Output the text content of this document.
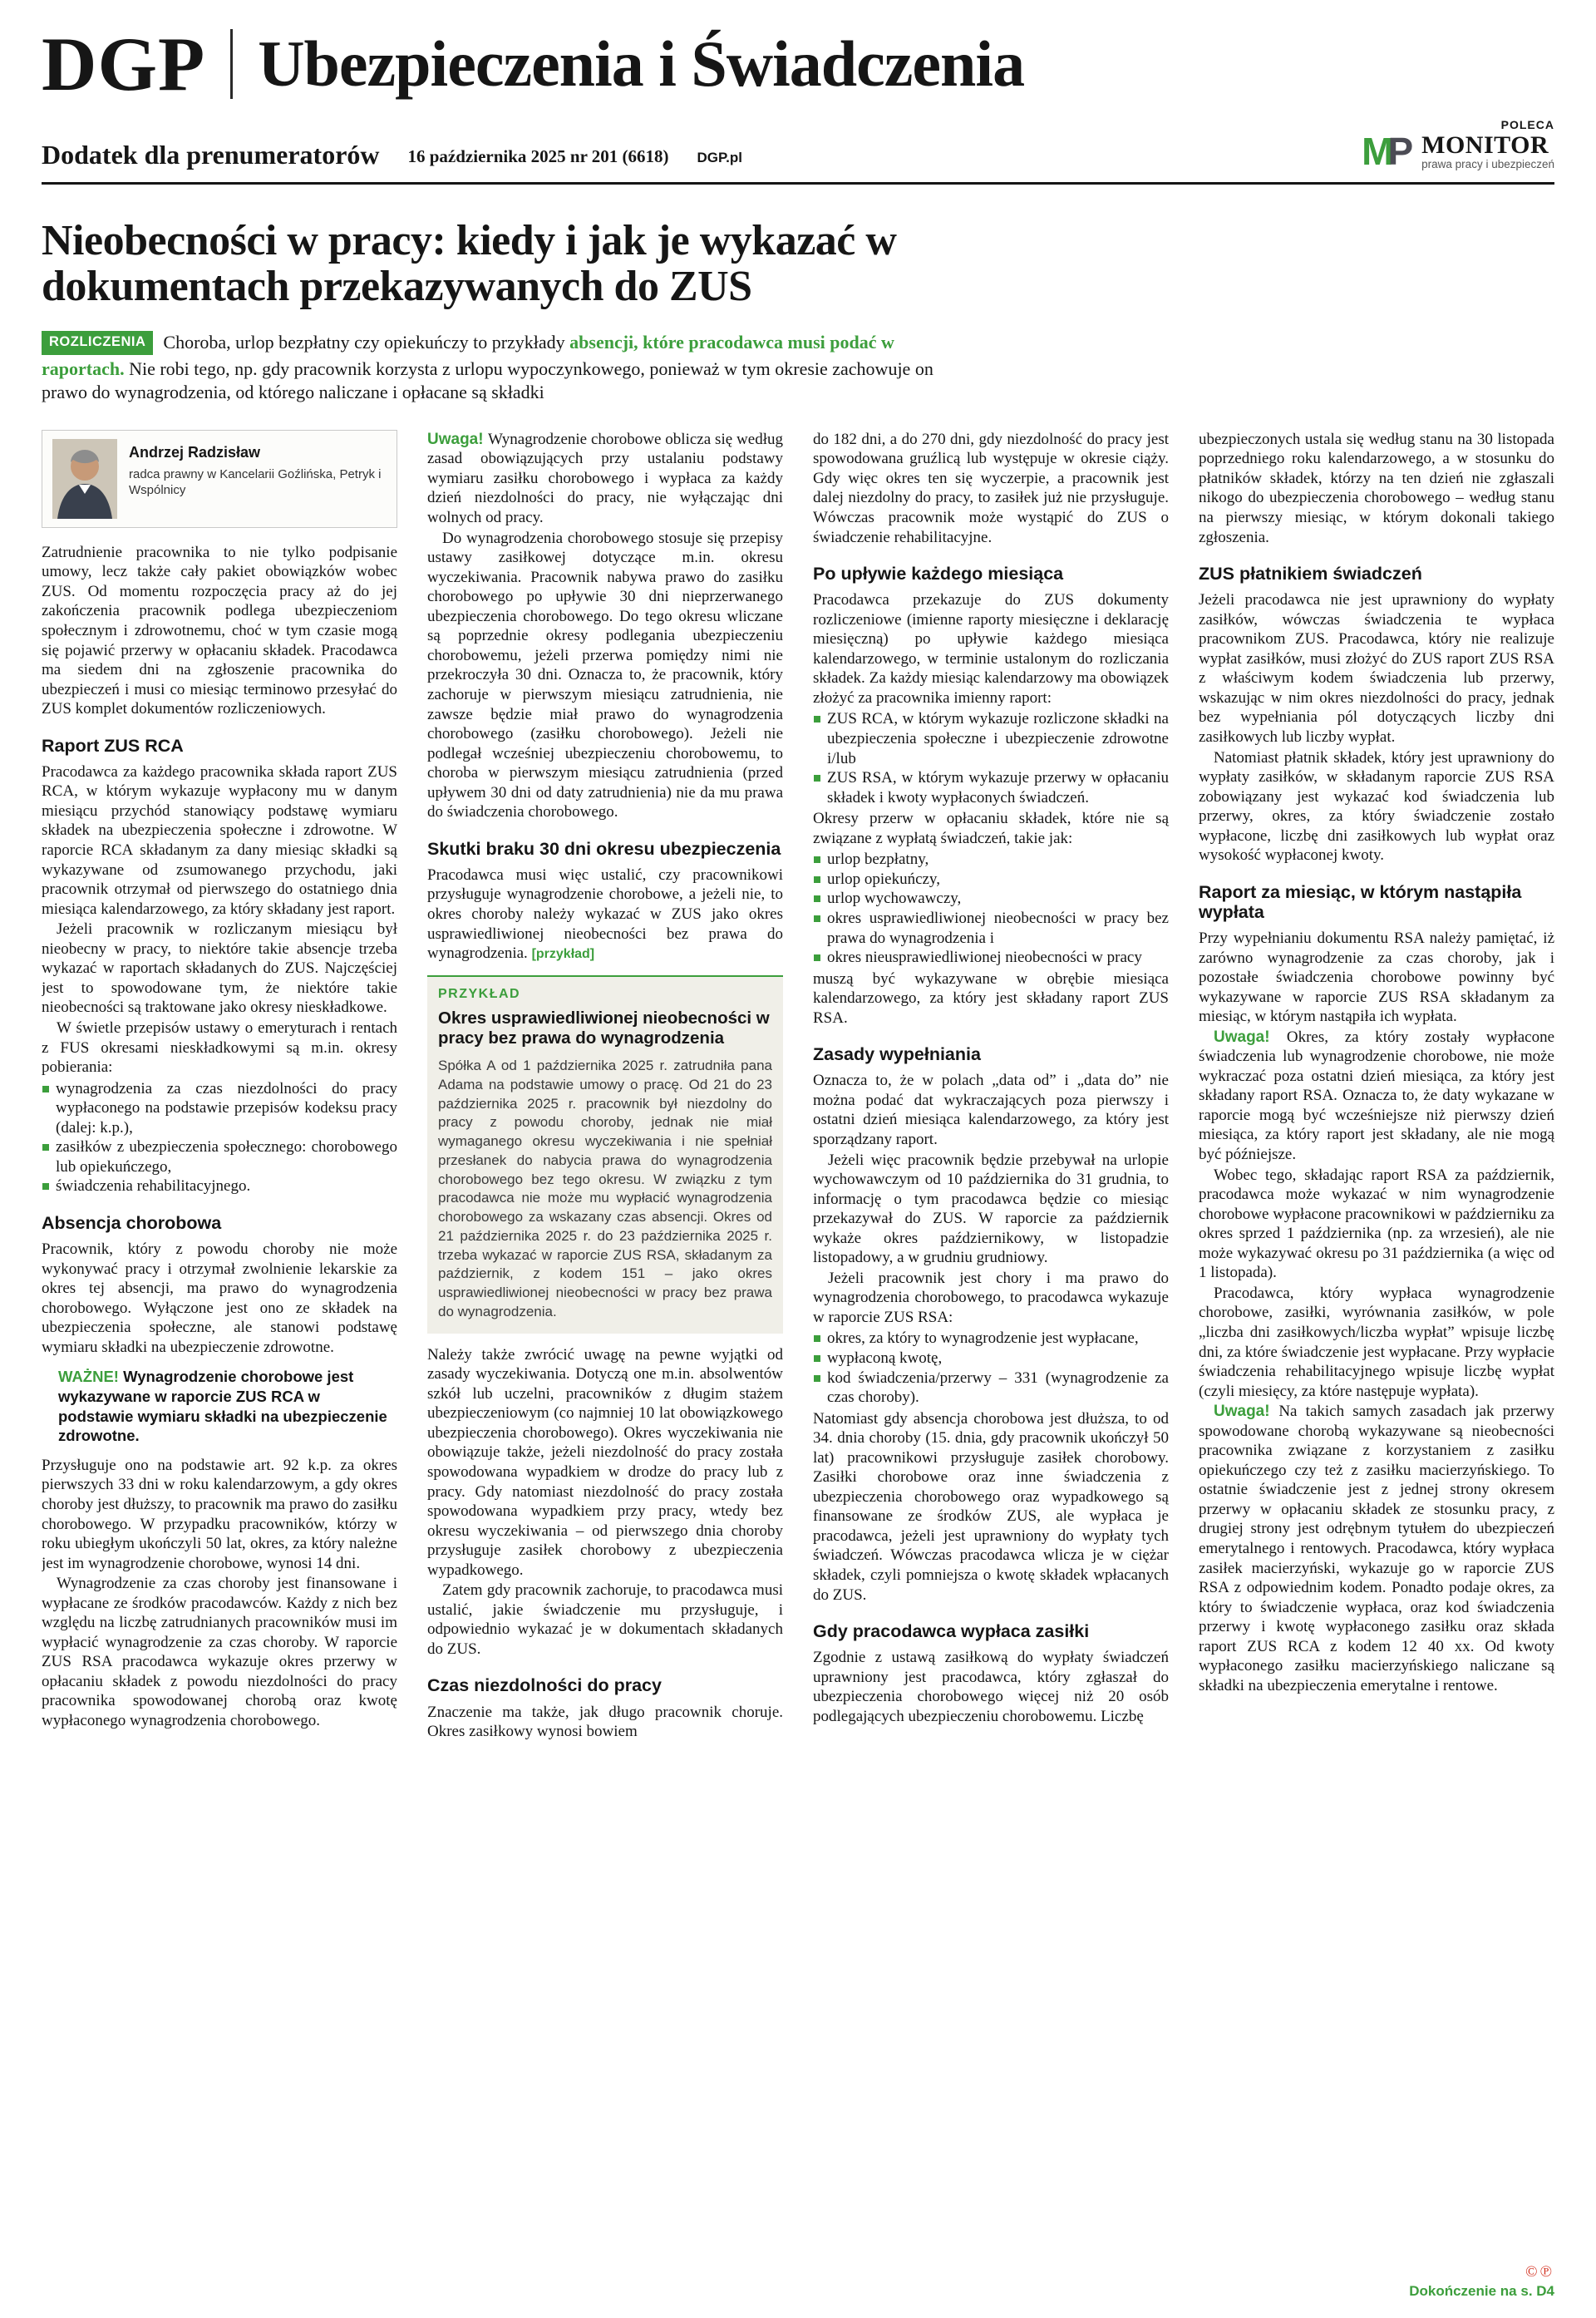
DGP Ubezpieczenia i Świadczenia
Dodatek dla prenumeratorów 16 października 2025 nr 201 (6618) DGP.pl
POLECA
M
P MONITOR
prawa pracy i ubezpieczeń
Nieobecności w pracy: kiedy i jak je wykazać w dokumentach przekazywanych do ZUS

ROZLICZENIA Choroba, urlop bezpłatny czy opiekuńczy to przykłady absencji, które pracodawca musi podać w raportach. Nie robi tego, np. gdy pracownik korzysta z urlopu wypoczynkowego, ponieważ w tym okresie zachowuje on prawo do wynagrodzenia, od którego naliczane i opłacane są składki

Andrzej Radzisław
radca prawny w Kancelarii Goźlińska, Petryk i Wspólnicy

Zatrudnienie pracownika to nie tylko podpisanie umowy, lecz także cały pakiet obowiązków wobec ZUS. Od momentu rozpoczęcia pracy aż do jej zakończenia pracownik podlega ubezpieczeniom społecznym i zdrowotnemu, choć w tym czasie mogą się pojawić przerwy w opłacaniu składek. Pracodawca ma siedem dni na zgłoszenie pracownika do ubezpieczeń i musi co miesiąc terminowo przesyłać do ZUS komplet dokumentów rozliczeniowych.

Raport ZUS RCA

Pracodawca za każdego pracownika składa raport ZUS RCA, w którym wykazuje wypłacony mu w danym miesiącu przychód stanowiący podstawę wymiaru składek na ubezpieczenia społeczne i zdrowotne. W raporcie RCA składanym za dany miesiąc składki są wykazywane od zsumowanego przychodu, jaki pracownik otrzymał od pierwszego do ostatniego dnia miesiąca kalendarzowego, za który składany jest raport.

Jeżeli pracownik w rozliczanym miesiącu był nieobecny w pracy, to niektóre takie absencje trzeba wykazać w raportach składanych do ZUS. Najczęściej jest to spowodowane tym, że niektóre takie nieobecności są traktowane jako okresy nieskładkowe.

W świetle przepisów ustawy o emeryturach i rentach z FUS okresami nieskładkowymi są m.in. okresy pobierania:

wynagrodzenia za czas niezdolności do pracy wypłaconego na podstawie przepisów kodeksu pracy (dalej: k.p.),
zasiłków z ubezpieczenia społecznego: chorobowego lub opiekuńczego,
świadczenia rehabilitacyjnego.
Absencja chorobowa

Pracownik, który z powodu choroby nie może wykonywać pracy i otrzymał zwolnienie lekarskie za okres tej absencji, ma prawo do wynagrodzenia chorobowego. Wyłączone jest ono ze składek na ubezpieczenia społeczne, ale stanowi podstawę wymiaru składki na ubezpieczenie zdrowotne.

WAŻNE! Wynagrodzenie chorobowe jest wykazywane w raporcie ZUS RCA w podstawie wymiaru składki na ubezpieczenie zdrowotne.

Przysługuje ono na podstawie art. 92 k.p. za okres pierwszych 33 dni w roku kalendarzowym, a gdy okres choroby jest dłuższy, to pracownik ma prawo do zasiłku chorobowego. W przypadku pracowników, którzy w roku ubiegłym ukończyli 50 lat, okres, za który należne jest im wynagrodzenie chorobowe, wynosi 14 dni.

Wynagrodzenie za czas choroby jest finansowane i wypłacane ze środków pracodawców. Każdy z nich bez względu na liczbę zatrudnianych pracowników musi im wypłacić wynagrodzenie za czas choroby. W raporcie ZUS RSA pracodawca wykazuje okres przerwy w opłacaniu składek z powodu niezdolności do pracy pracownika spowodowanej chorobą oraz kwotę wypłaconego wynagrodzenia chorobowego.

Uwaga! Wynagrodzenie chorobowe oblicza się według zasad obowiązujących przy ustalaniu podstawy wymiaru zasiłku chorobowego i wypłaca za każdy dzień niezdolności do pracy, nie wyłączając dni wolnych od pracy.

Do wynagrodzenia chorobowego stosuje się przepisy ustawy zasiłkowej dotyczące m.in. okresu wyczekiwania. Pracownik nabywa prawo do zasiłku chorobowego po upływie 30 dni nieprzerwanego ubezpieczenia chorobowego. Do tego okresu wliczane są poprzednie okresy podlegania ubezpieczeniu chorobowemu, jeżeli przerwa pomiędzy nimi nie przekroczyła 30 dni. Oznacza to, że pracownik, który zachoruje w pierwszym miesiącu zatrudnienia, nie zawsze będzie miał prawo do wynagrodzenia chorobowego (zasiłku chorobowego). Jeżeli nie podlegał wcześniej ubezpieczeniu chorobowemu, to choroba w pierwszym miesiącu zatrudnienia (przed upływem 30 dni od daty zatrudnienia) nie da mu prawa do świadczenia chorobowego.

Skutki braku 30 dni okresu ubezpieczenia

Pracodawca musi więc ustalić, czy pracownikowi przysługuje wynagrodzenie chorobowe, a jeżeli nie, to okres choroby należy wykazać w ZUS jako okres usprawiedliwionej nieobecności bez prawa do wynagrodzenia. [przykład]

PRZYKŁAD
Okres usprawiedliwionej nieobecności w pracy bez prawa do wynagrodzenia

Spółka A od 1 października 2025 r. zatrudniła pana Adama na podstawie umowy o pracę. Od 21 do 23 października 2025 r. pracownik był niezdolny do pracy z powodu choroby, jednak nie miał wymaganego okresu wyczekiwania i nie spełniał przesłanek do nabycia prawa do wynagrodzenia chorobowego bez tego okresu. W związku z tym pracodawca nie może mu wypłacić wynagrodzenia chorobowego za wskazany czas absencji. Okres od 21 października 2025 r. do 23 października 2025 r. trzeba wykazać w raporcie ZUS RSA, składanym za październik, z kodem 151 – jako okres usprawiedliwionej nieobecności w pracy bez prawa do wynagrodzenia.

Należy także zwrócić uwagę na pewne wyjątki od zasady wyczekiwania. Dotyczą one m.in. absolwentów szkół lub uczelni, pracowników z długim stażem ubezpieczeniowym (co najmniej 10 lat obowiązkowego ubezpieczenia chorobowego). Okres wyczekiwania nie obowiązuje także, jeżeli niezdolność do pracy została spowodowana wypadkiem w drodze do pracy lub z pracy. Gdy natomiast niezdolność do pracy została spowodowana wypadkiem przy pracy, wtedy bez okresu wyczekiwania – od pierwszego dnia choroby przysługuje zasiłek chorobowy z ubezpieczenia wypadkowego.

Zatem gdy pracownik zachoruje, to pracodawca musi ustalić, jakie świadczenie mu przysługuje, i odpowiednio wykazać je w dokumentach składanych do ZUS.

Czas niezdolności do pracy

Znaczenie ma także, jak długo pracownik choruje. Okres zasiłkowy wynosi bowiem

do 182 dni, a do 270 dni, gdy niezdolność do pracy jest spowodowana gruźlicą lub występuje w okresie ciąży. Gdy więc okres ten się wyczerpie, a pracownik jest dalej niezdolny do pracy, to zasiłek już nie przysługuje. Wówczas pracownik może wystąpić do ZUS o świadczenie rehabilitacyjne.

Po upływie każdego miesiąca

Pracodawca przekazuje do ZUS dokumenty rozliczeniowe (imienne raporty miesięczne i deklarację miesięczną) po upływie każdego miesiąca kalendarzowego, w terminie ustalonym do rozliczania składek. Za każdy miesiąc kalendarzowy ma obowiązek złożyć za pracownika imienny raport:

ZUS RCA, w którym wykazuje rozliczone składki na ubezpieczenia społeczne i ubezpieczenie zdrowotne i/lub
ZUS RSA, w którym wykazuje przerwy w opłacaniu składek i kwoty wypłaconych świadczeń.

Okresy przerw w opłacaniu składek, które nie są związane z wypłatą świadczeń, takie jak:

urlop bezpłatny,
urlop opiekuńczy,
urlop wychowawczy,
okres usprawiedliwionej nieobecności w pracy bez prawa do wynagrodzenia i
okres nieusprawiedliwionej nieobecności w pracy

muszą być wykazywane w obrębie miesiąca kalendarzowego, za który jest składany raport ZUS RSA.

Zasady wypełniania

Oznacza to, że w polach „data od” i „data do” nie można podać dat wykraczających poza pierwszy i ostatni dzień miesiąca kalendarzowego, za który jest sporządzany raport.

Jeżeli więc pracownik będzie przebywał na urlopie wychowawczym od 10 października do 31 grudnia, to informację o tym pracodawca będzie co miesiąc przekazywał do ZUS. W raporcie za październik wykaże okres październikowy, w listopadzie listopadowy, a w grudniu grudniowy.

Jeżeli pracownik jest chory i ma prawo do wynagrodzenia chorobowego, to pracodawca wykazuje w raporcie ZUS RSA:

okres, za który to wynagrodzenie jest wypłacane,
wypłaconą kwotę,
kod świadczenia/przerwy – 331 (wynagrodzenie za czas choroby).

Natomiast gdy absencja chorobowa jest dłuższa, to od 34. dnia choroby (15. dnia, gdy pracownik ukończył 50 lat) pracownikowi przysługuje zasiłek chorobowy. Zasiłki chorobowe oraz inne świadczenia z ubezpieczenia chorobowego oraz wypadkowego są finansowane ze środków ZUS, ale wypłaca je pracodawca, jeżeli jest uprawniony do wypłaty tych świadczeń. Wówczas pracodawca wlicza je w ciężar składek, czyli pomniejsza o kwotę składek wpłacanych do ZUS.

Gdy pracodawca wypłaca zasiłki

Zgodnie z ustawą zasiłkową do wypłaty świadczeń uprawniony jest pracodawca, który zgłaszał do ubezpieczenia chorobowego więcej niż 20 osób podlegających ubezpieczeniu chorobowemu. Liczbę

ubezpieczonych ustala się według stanu na 30 listopada poprzedniego roku kalendarzowego, a w stosunku do płatników składek, którzy na ten dzień nie zgłaszali nikogo do ubezpieczenia chorobowego – według stanu na pierwszy miesiąc, w którym dokonali takiego zgłoszenia.

ZUS płatnikiem świadczeń

Jeżeli pracodawca nie jest uprawniony do wypłaty zasiłków, wówczas świadczenia te wypłaca pracownikom ZUS. Pracodawca, który nie realizuje wypłat zasiłków, musi złożyć do ZUS raport ZUS RSA z właściwym kodem świadczenia lub przerwy, wskazując w nim okres niezdolności do pracy, jednak bez wypełniania pól dotyczących liczby dni zasiłkowych lub liczby wypłat.

Natomiast płatnik składek, który jest uprawniony do wypłaty zasiłków, w składanym raporcie ZUS RSA zobowiązany jest wykazać kod świadczenia lub przerwy, okres, za który świadczenie zostało wypłacone, liczbę dni zasiłkowych lub wypłat oraz wysokość wypłaconej kwoty.

Raport za miesiąc, w którym nastąpiła wypłata

Przy wypełnianiu dokumentu RSA należy pamiętać, iż zarówno wynagrodzenie za czas choroby, jak i pozostałe świadczenia chorobowe powinny być wykazywane w raporcie ZUS RSA składanym za miesiąc, w którym nastąpiła ich wypłata.

Uwaga! Okres, za który zostały wypłacone świadczenia lub wynagrodzenie chorobowe, nie może wykraczać poza ostatni dzień miesiąca, za który jest składany raport RSA. Oznacza to, że daty wykazane w raporcie mogą być wcześniejsze niż pierwszy dzień miesiąca, za który raport jest składany, ale nie mogą być późniejsze.

Wobec tego, składając raport RSA za październik, pracodawca może wykazać w nim wynagrodzenie chorobowe wypłacone pracownikowi w październiku za okres sprzed 1 października (np. za wrzesień), ale nie może wykazywać okresu po 31 października (a więc od 1 listopada).

Pracodawca, który wypłaca wynagrodzenie chorobowe, zasiłki, wyrównania zasiłków, w pole „liczba dni zasiłkowych/liczba wypłat” wpisuje liczbę dni, za które świadczenie jest wypłacane. Przy wypłacie świadczenia rehabilitacyjnego wpisuje liczbę wypłat (czyli miesięcy, za które następuje wypłata).

Uwaga! Na takich samych zasadach jak przerwy spowodowane chorobą wykazywane są nieobecności pracownika związane z korzystaniem z zasiłku opiekuńczego czy też z zasiłku macierzyńskiego. To ostatnie świadczenie jest z jednej strony okresem przerwy w opłacaniu składek ze stosunku pracy, z drugiej strony jest odrębnym tytułem do ubezpieczeń emerytalnego i rentowych. Pracodawca, który wypłaca zasiłek macierzyński, wykazuje go w raporcie ZUS RSA z odpowiednim kodem. Ponadto podaje okres, za który to świadczenie wypłaca, oraz kod świadczenia przerwy i kwotę wypłaconego zasiłku oraz składa raport ZUS RCA z kodem 12 40 xx. Od kwoty wypłaconego zasiłku macierzyńskiego naliczane są składki na ubezpieczenia emerytalne i rentowe.

©℗
Dokończenie na s. D4
